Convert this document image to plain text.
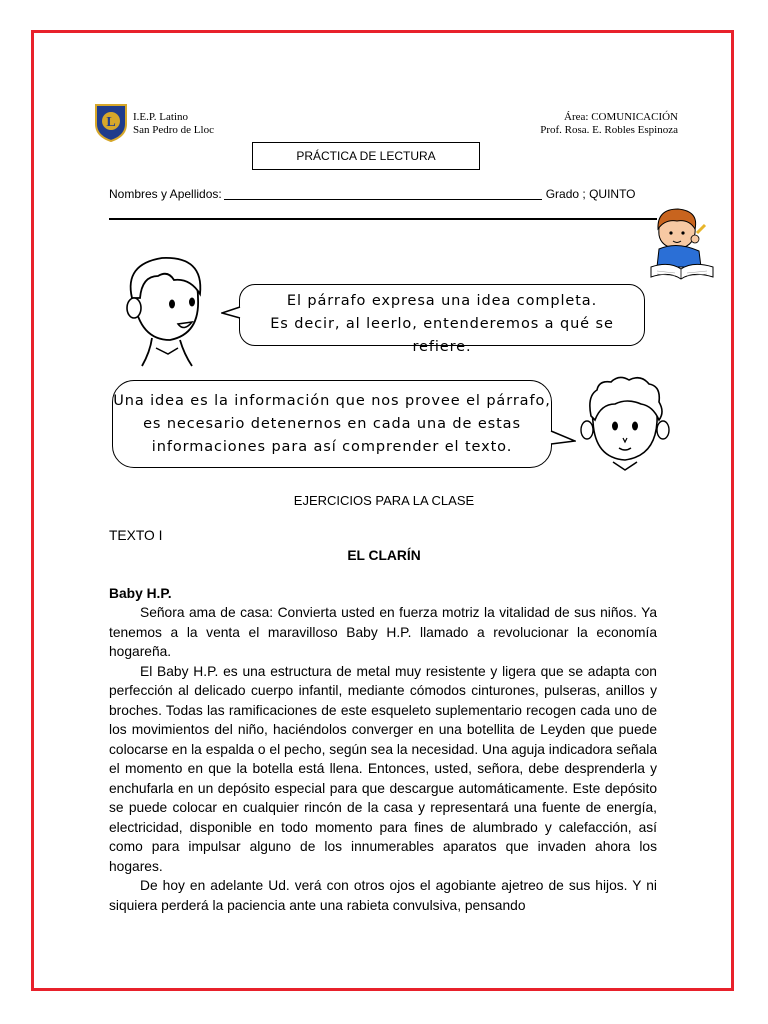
L I.E.P. Latino
San Pedro de Lloc
Área: COMUNICACIÓN
Prof. Rosa. E. Robles Espinoza
PRÁCTICA DE LECTURA
Nombres y Apellidos:	Grado ; QUINTO
El párrafo expresa una idea completa.
Es decir, al leerlo, entenderemos a qué se refiere.
Una idea es la información que nos provee el párrafo,
es necesario detenernos en cada una de estas
informaciones para así comprender el texto.
EJERCICIOS PARA LA CLASE
TEXTO I
EL CLARÍN
Baby H.P.

Señora ama de casa: Convierta usted en fuerza motriz la vitalidad de sus niños. Ya tenemos a la venta el maravilloso Baby H.P. llamado a revolucionar la economía hogareña.

El Baby H.P. es una estructura de metal muy resistente y ligera que se adapta con perfección al delicado cuerpo infantil, mediante cómodos cinturones, pulseras, anillos y broches. Todas las ramificaciones de este esqueleto suplementario recogen cada uno de los movimientos del niño, haciéndolos converger en una botellita de Leyden que puede colocarse en la espalda o el pecho, según sea la necesidad. Una aguja indicadora señala el momento en que la botella está llena. Entonces, usted, señora, debe desprenderla y enchufarla en un depósito especial para que descargue automáticamente. Este depósito se puede colocar en cualquier rincón de la casa y representará una fuente de energía, electricidad, disponible en todo momento para fines de alumbrado y calefacción, así como para impulsar alguno de los innumerables aparatos que invaden ahora los hogares.

De hoy en adelante Ud. verá con otros ojos el agobiante ajetreo de sus hijos. Y ni siquiera perderá la paciencia ante una rabieta convulsiva, pensando
